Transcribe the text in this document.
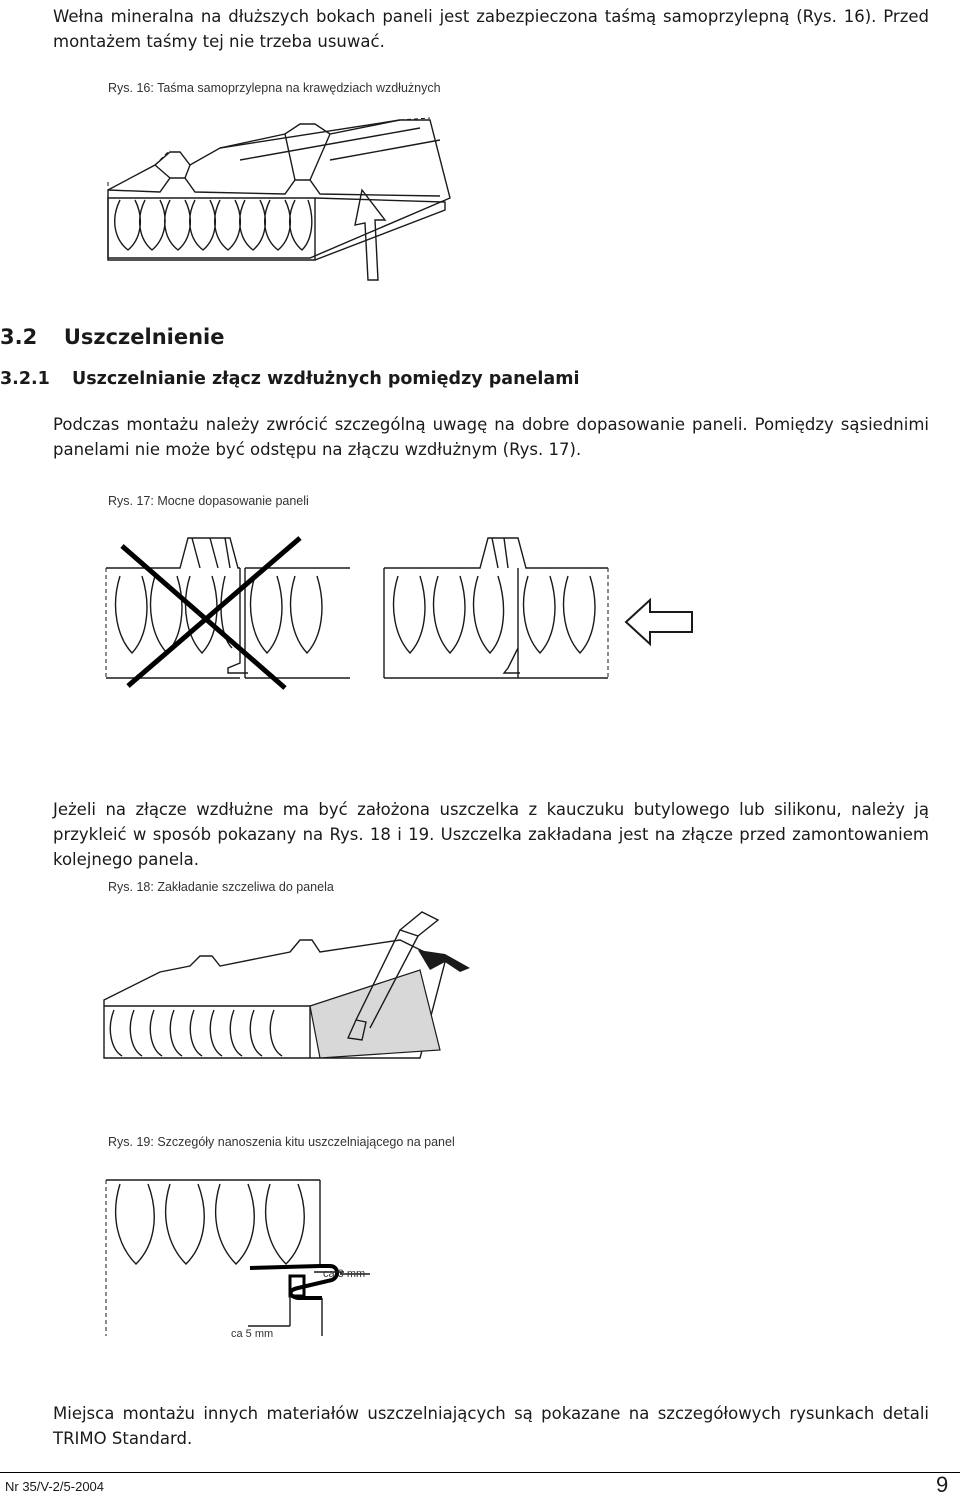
Wełna mineralna na dłuższych bokach paneli jest zabezpieczona taśmą samoprzylepną (Rys. 16). Przed montażem taśmy tej nie trzeba usuwać.
Rys. 16: Taśma samoprzylepna na krawędziach wzdłużnych
3.2 Uszczelnienie
3.2.1 Uszczelnianie złącz wzdłużnych pomiędzy panelami
Podczas montażu należy zwrócić szczególną uwagę na dobre dopasowanie paneli. Pomiędzy sąsiednimi panelami nie może być odstępu na złączu wzdłużnym (Rys. 17).
Rys. 17: Mocne dopasowanie paneli
Jeżeli na złącze wzdłużne ma być założona uszczelka z kauczuku butylowego lub silikonu, należy ją przykleić w sposób pokazany na Rys. 18 i 19. Uszczelka zakładana jest na złącze przed zamontowaniem kolejnego panela.
Rys. 18: Zakładanie szczeliwa do panela
Rys. 19: Szczegóły nanoszenia kitu uszczelniającego na panel
ca 3 mm
ca 5 mm
Miejsca montażu innych materiałów uszczelniających są pokazane na szczegółowych rysunkach detali TRIMO Standard.
Nr 35/V-2/5-2004	9
